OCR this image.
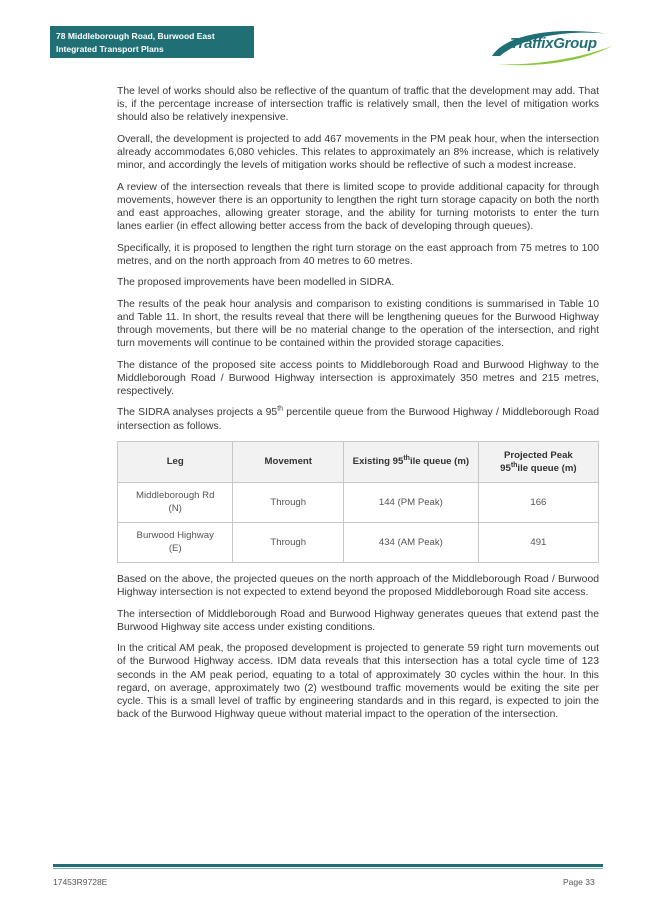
78 Middleborough Road, Burwood East
Integrated Transport Plans	TraffixGroup

The level of works should also be reflective of the quantum of traffic that the development may add. That is, if the percentage increase of intersection traffic is relatively small, then the level of mitigation works should also be relatively inexpensive.

Overall, the development is projected to add 467 movements in the PM peak hour, when the intersection already accommodates 6,080 vehicles. This relates to approximately an 8% increase, which is relatively minor, and accordingly the levels of mitigation works should be reflective of such a modest increase.

A review of the intersection reveals that there is limited scope to provide additional capacity for through movements, however there is an opportunity to lengthen the right turn storage capacity on both the north and east approaches, allowing greater storage, and the ability for turning motorists to enter the turn lanes earlier (in effect allowing better access from the back of developing through queues).

Specifically, it is proposed to lengthen the right turn storage on the east approach from 75 metres to 100 metres, and on the north approach from 40 metres to 60 metres.

The proposed improvements have been modelled in SIDRA.

The results of the peak hour analysis and comparison to existing conditions is summarised in Table 10 and Table 11. In short, the results reveal that there will be lengthening queues for the Burwood Highway through movements, but there will be no material change to the operation of the intersection, and right turn movements will continue to be contained within the provided storage capacities.

The distance of the proposed site access points to Middleborough Road and Burwood Highway to the Middleborough Road / Burwood Highway intersection is approximately 350 metres and 215 metres, respectively.

The SIDRA analyses projects a 95th percentile queue from the Burwood Highway / Middleborough Road intersection as follows.

Leg	Movement	Existing 95thile queue (m)	Projected Peak
95thile queue (m)
Middleborough Rd
(N)	Through	144 (PM Peak)	166
Burwood Highway
(E)	Through	434 (AM Peak)	491

Based on the above, the projected queues on the north approach of the Middleborough Road / Burwood Highway intersection is not expected to extend beyond the proposed Middleborough Road site access.

The intersection of Middleborough Road and Burwood Highway generates queues that extend past the Burwood Highway site access under existing conditions.

In the critical AM peak, the proposed development is projected to generate 59 right turn movements out of the Burwood Highway access. IDM data reveals that this intersection has a total cycle time of 123 seconds in the AM peak period, equating to a total of approximately 30 cycles within the hour. In this regard, on average, approximately two (2) westbound traffic movements would be exiting the site per cycle. This is a small level of traffic by engineering standards and in this regard, is expected to join the back of the Burwood Highway queue without material impact to the operation of the intersection.

17453R9728E	Page 33
